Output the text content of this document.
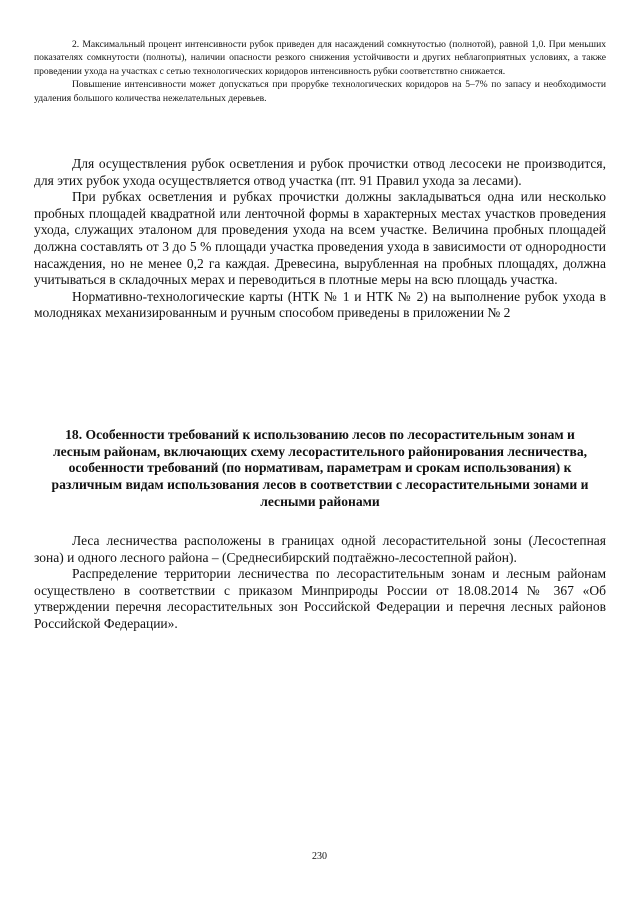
2. Максимальный процент интенсивности рубок приведен для насаждений сомкнутостью (полнотой), равной 1,0. При меньших показателях сомкнутости (полноты), наличии опасности резкого снижения устойчивости и других неблагоприятных условиях, а также проведении ухода на участках с сетью технологических коридоров интенсивность рубки соответствтно снижается.

Повышение интенсивности может допускаться при прорубке технологических коридоров на 5–7% по запасу и необходимости удаления большого количества нежелательных деревьев.

Для осуществления рубок осветления и рубок прочистки отвод лесосеки не производится, для этих рубок ухода осуществляется отвод участка (пт. 91 Правил ухода за лесами).

При рубках осветления и рубках прочистки должны закладываться одна или несколько пробных площадей квадратной или ленточной формы в характерных местах участков проведения ухода, служащих эталоном для проведения ухода на всем участке. Величина пробных площадей должна составлять от 3 до 5 % площади участка проведения ухода в зависимости от однородности насаждения, но не менее 0,2 га каждая. Древесина, вырубленная на пробных площадях, должна учитываться в складочных мерах и переводиться в плотные меры на всю площадь участка.

Нормативно-технологические карты (НТК № 1 и НТК № 2) на выполнение рубок ухода в молодняках механизированным и ручным способом приведены в приложении № 2

18. Особенности требований к использованию лесов по лесорастительным зонам и лесным районам, включающих схему лесорастительного районирования лесничества, особенности требований (по нормативам, параметрам и срокам использования) к различным видам использования лесов в соответствии с лесорастительными зонами и лесными районами

Леса лесничества расположены в границах одной лесорастительной зоны (Лесостепная зона) и одного лесного района – (Среднесибирский подтаёжно-лесостепной район).

Распределение территории лесничества по лесорастительным зонам и лесным районам осуществлено в соответствии с приказом Минприроды России от 18.08.2014 № 367 «Об утверждении перечня лесорастительных зон Российской Федерации и перечня лесных районов Российской Федерации».

230
